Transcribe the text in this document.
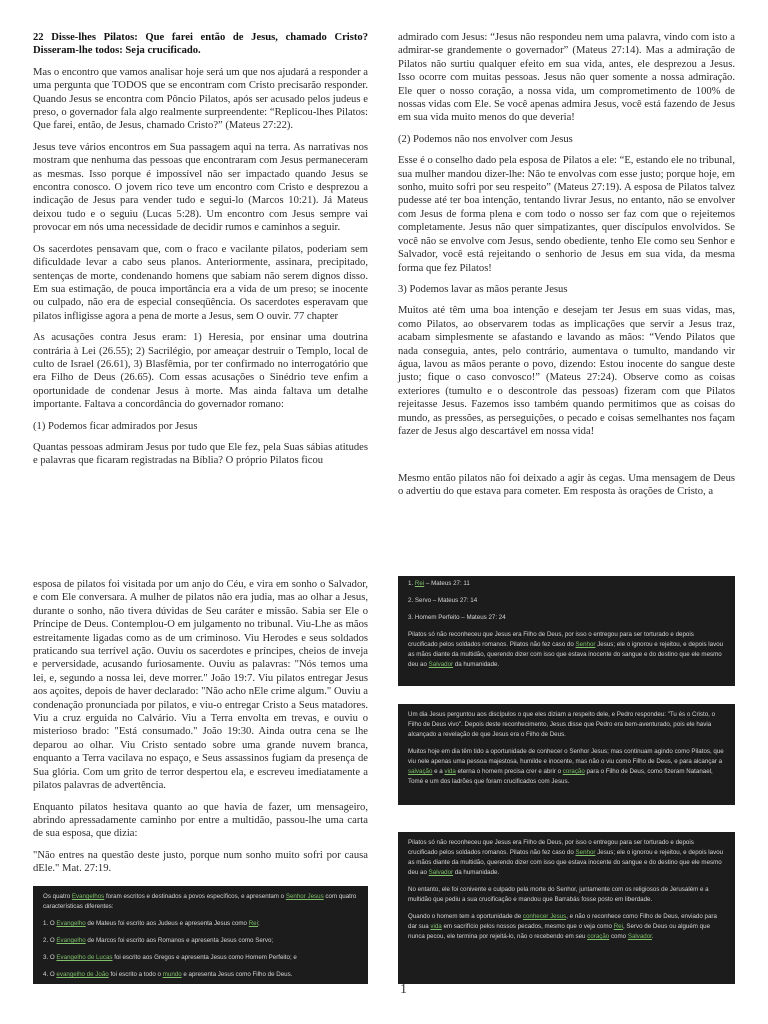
22 Disse-lhes Pilatos: Que farei então de Jesus, chamado Cristo? Disseram-lhe todos: Seja crucificado.

Mas o encontro que vamos analisar hoje será um que nos ajudará a responder a uma pergunta que TODOS que se encontram com Cristo precisarão responder. Quando Jesus se encontra com Pôncio Pilatos, após ser acusado pelos judeus e preso, o governador fala algo realmente surpreendente: “Replicou-lhes Pilatos: Que farei, então, de Jesus, chamado Cristo?” (Mateus 27:22).

Jesus teve vários encontros em Sua passagem aqui na terra. As narrativas nos mostram que nenhuma das pessoas que encontraram com Jesus permaneceram as mesmas. Isso porque é impossível não ser impactado quando Jesus se encontra conosco. O jovem rico teve um encontro com Cristo e desprezou a indicação de Jesus para vender tudo e segui-lo (Marcos 10:21). Já Mateus deixou tudo e o seguiu (Lucas 5:28). Um encontro com Jesus sempre vai provocar em nós uma necessidade de decidir rumos e caminhos a seguir.

Os sacerdotes pensavam que, com o fraco e vacilante pilatos, poderiam sem dificuldade levar a cabo seus planos. Anteriormente, assinara, precipitado, sentenças de morte, condenando homens que sabiam não serem dignos disso. Em sua estimação, de pouca importância era a vida de um preso; se inocente ou culpado, não era de especial conseqüência. Os sacerdotes esperavam que pilatos infligisse agora a pena de morte a Jesus, sem O ouvir. 77 chapter

As acusações contra Jesus eram: 1) Heresia, por ensinar uma doutrina contrária à Lei (26.55); 2) Sacrilégio, por ameaçar destruir o Templo, local de culto de Israel (26.61), 3) Blasfêmia, por ter confirmado no interrogatório que era Filho de Deus (26.65). Com essas acusações o Sinédrio teve enfim a oportunidade de condenar Jesus à morte. Mas ainda faltava um detalhe importante. Faltava a concordância do governador romano:

(1) Podemos ficar admirados por Jesus

Quantas pessoas admiram Jesus por tudo que Ele fez, pela Suas sábias atitudes e palavras que ficaram registradas na Bíblia? O próprio Pilatos ficou

admirado com Jesus: “Jesus não respondeu nem uma palavra, vindo com isto a admirar-se grandemente o governador” (Mateus 27:14). Mas a admiração de Pilatos não surtiu qualquer efeito em sua vida, antes, ele desprezou a Jesus. Isso ocorre com muitas pessoas. Jesus não quer somente a nossa admiração. Ele quer o nosso coração, a nossa vida, um comprometimento de 100% de nossas vidas com Ele. Se você apenas admira Jesus, você está fazendo de Jesus em sua vida muito menos do que deveria!

(2) Podemos não nos envolver com Jesus

Esse é o conselho dado pela esposa de Pilatos a ele: “E, estando ele no tribunal, sua mulher mandou dizer-lhe: Não te envolvas com esse justo; porque hoje, em sonho, muito sofri por seu respeito” (Mateus 27:19). A esposa de Pilatos talvez pudesse até ter boa intenção, tentando livrar Jesus, no entanto, não se envolver com Jesus de forma plena e com todo o nosso ser faz com que o rejeitemos completamente. Jesus não quer simpatizantes, quer discípulos envolvidos. Se você não se envolve com Jesus, sendo obediente, tenho Ele como seu Senhor e Salvador, você está rejeitando o senhorio de Jesus em sua vida, da mesma forma que fez Pilatos!

3) Podemos lavar as mãos perante Jesus

Muitos até têm uma boa intenção e desejam ter Jesus em suas vidas, mas, como Pilatos, ao observarem todas as implicações que servir a Jesus traz, acabam simplesmente se afastando e lavando as mãos: “Vendo Pilatos que nada conseguia, antes, pelo contrário, aumentava o tumulto, mandando vir água, lavou as mãos perante o povo, dizendo: Estou inocente do sangue deste justo; fique o caso convosco!” (Mateus 27:24). Observe como as coisas exteriores (tumulto e o descontrole das pessoas) fizeram com que Pilatos rejeitasse Jesus. Fazemos isso também quando permitimos que as coisas do mundo, as pressões, as perseguições, o pecado e coisas semelhantes nos façam fazer de Jesus algo descartável em nossa vida!

Mesmo então pilatos não foi deixado a agir às cegas. Uma mensagem de Deus o advertiu do que estava para cometer. Em resposta às orações de Cristo, a

esposa de pilatos foi visitada por um anjo do Céu, e vira em sonho o Salvador, e com Ele conversara. A mulher de pilatos não era judia, mas ao olhar a Jesus, durante o sonho, não tivera dúvidas de Seu caráter e missão. Sabia ser Ele o Príncipe de Deus. Contemplou-O em julgamento no tribunal. Viu-Lhe as mãos estreitamente ligadas como as de um criminoso. Viu Herodes e seus soldados praticando sua terrível ação. Ouviu os sacerdotes e príncipes, cheios de inveja e perversidade, acusando furiosamente. Ouviu as palavras: "Nós temos uma lei, e, segundo a nossa lei, deve morrer." João 19:7. Viu pilatos entregar Jesus aos açoites, depois de haver declarado: "Não acho nEle crime algum." Ouviu a condenação pronunciada por pilatos, e viu-o entregar Cristo a Seus matadores. Viu a cruz erguida no Calvário. Viu a Terra envolta em trevas, e ouviu o misterioso brado: "Está consumado." João 19:30. Ainda outra cena se lhe deparou ao olhar. Viu Cristo sentado sobre uma grande nuvem branca, enquanto a Terra vacilava no espaço, e Seus assassinos fugiam da presença de Sua glória. Com um grito de terror despertou ela, e escreveu imediatamente a pilatos palavras de advertência.

Enquanto pilatos hesitava quanto ao que havia de fazer, um mensageiro, abrindo apressadamente caminho por entre a multidão, passou-lhe uma carta de sua esposa, que dizia:

"Não entres na questão deste justo, porque num sonho muito sofri por causa dEle." Mat. 27:19.

1. Rei – Mateus 27: 11

2. Servo – Mateus 27: 14

3. Homem Perfeito – Mateus 27: 24

Pilatos só não reconheceu que Jesus era Filho de Deus, por isso o entregou para ser torturado e depois crucificado pelos soldados romanos. Pilatos não fez caso do Senhor Jesus; ele o ignorou e rejeitou, e depois lavou as mãos diante da multidão, querendo dizer com isso que estava inocente do sangue e do destino que ele mesmo deu ao Salvador da humanidade.

Um dia Jesus perguntou aos discípulos o que eles diziam a respeito dele, e Pedro respondeu: "Tu és o Cristo, o Filho de Deus vivo". Depois deste reconhecimento, Jesus disse que Pedro era bem-aventurado, pois ele havia alcançado a revelação de que Jesus era o Filho de Deus.

Muitos hoje em dia têm tido a oportunidade de conhecer o Senhor Jesus; mas continuam agindo como Pilatos, que viu nele apenas uma pessoa majestosa, humilde e inocente, mas não o viu como Filho de Deus, e para alcançar a salvação e a vida eterna o homem precisa crer e abrir o coração para o Filho de Deus, como fizeram Natanael, Tomé e um dos ladrões que foram crucificados com Jesus.

Pilatos só não reconheceu que Jesus era Filho de Deus, por isso o entregou para ser torturado e depois crucificado pelos soldados romanos. Pilatos não fez caso do Senhor Jesus; ele o ignorou e rejeitou, e depois lavou as mãos diante da multidão, querendo dizer com isso que estava inocente do sangue e do destino que ele mesmo deu ao Salvador da humanidade.

No entanto, ele foi conivente e culpado pela morte do Senhor, juntamente com os religiosos de Jerusalém e a multidão que pediu a sua crucificação e mandou que Barrabás fosse posto em liberdade.

Quando o homem tem a oportunidade de conhecer Jesus, e não o reconhece como Filho de Deus, enviado para dar sua vida em sacrifício pelos nossos pecados, mesmo que o veja como Rei, Servo de Deus ou alguém que nunca pecou, ele termina por rejeitá-lo, não o recebendo em seu coração como Salvador.

Os quatro Evangelhos foram escritos e destinados a povos específicos, e apresentam o Senhor Jesus com quatro características diferentes:

1. O Evangelho de Mateus foi escrito aos Judeus e apresenta Jesus como Rei;

2. O Evangelho de Marcos foi escrito aos Romanos e apresenta Jesus como Servo;

3. O Evangelho de Lucas foi escrito aos Gregos e apresenta Jesus como Homem Perfeito; e

4. O evangelho de João foi escrito a todo o mundo e apresenta Jesus como Filho de Deus.

1
